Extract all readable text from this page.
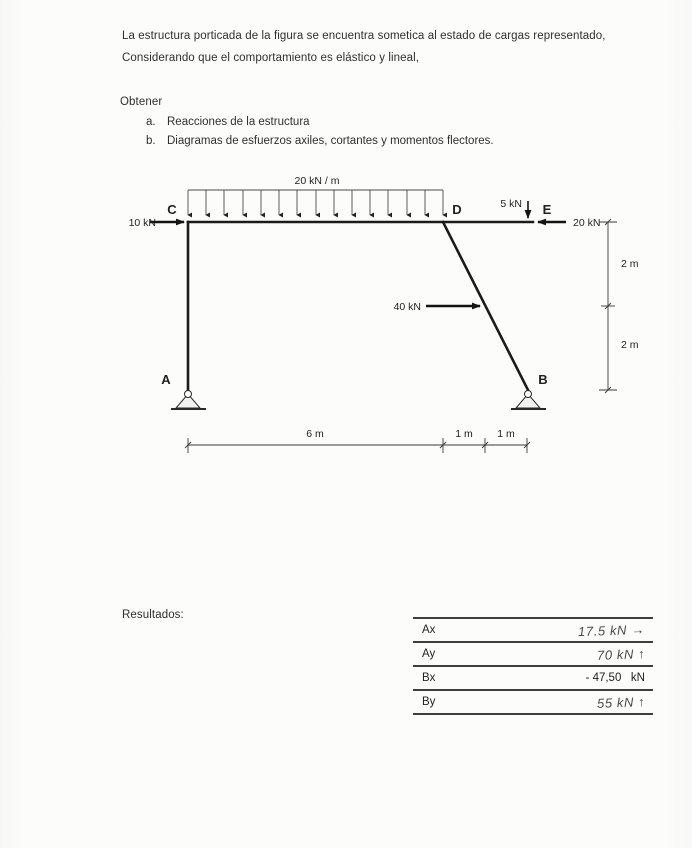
La estructura porticada de la figura se encuentra sometica al estado de cargas representado,
Considerando que el comportamiento es elástico y lineal,
Obtener
a. Reacciones de la estructura
b. Diagramas de esfuerzos axiles, cortantes y momentos flectores.
20 kN / m
C	D	E
A	B
10 kN
5 kN
20 kN
40 kN
2 m
2 m
6 m	1 m 1 m
Resultados:
Ax	17.5 kN →
Ay	70 kN ↑
Bx	- 47,50   kN
By	55 kN ↑
